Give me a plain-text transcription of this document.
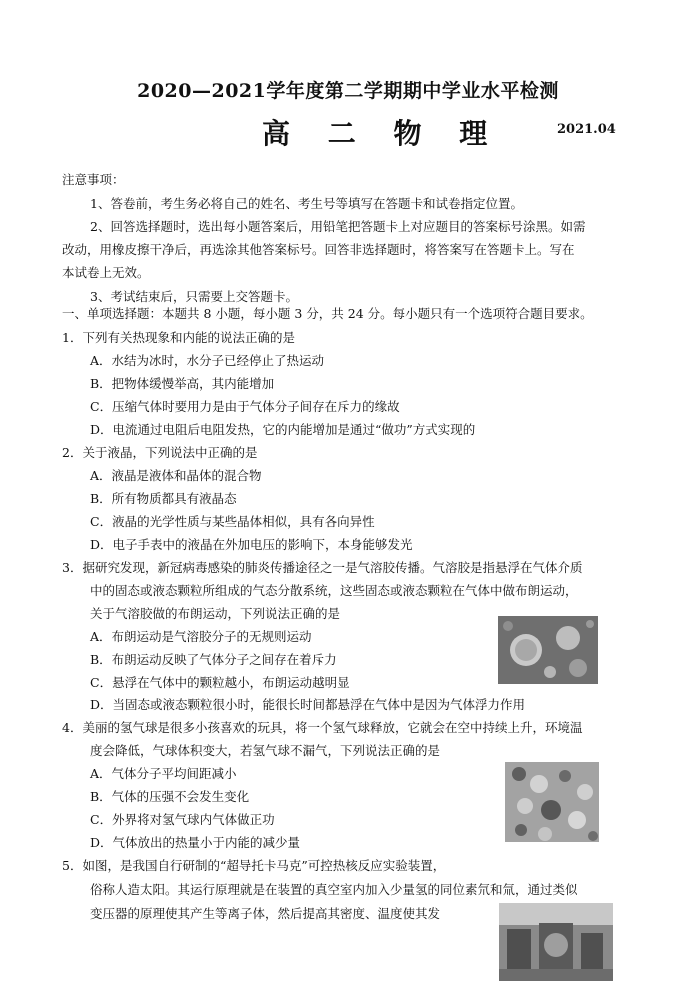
2020—2021学年度第二学期期中学业水平检测
高 二 物 理	2021.04
注意事项：
1、答卷前，考生务必将自己的姓名、考生号等填写在答题卡和试卷指定位置。
2、回答选择题时，选出每小题答案后，用铅笔把答题卡上对应题目的答案标号涂黑。如需
改动，用橡皮擦干净后，再选涂其他答案标号。回答非选择题时，将答案写在答题卡上。写在
本试卷上无效。
3、考试结束后，只需要上交答题卡。
一、单项选择题：本题共 8 小题，每小题 3 分，共 24 分。每小题只有一个选项符合题目要求。
1．下列有关热现象和内能的说法正确的是
A．水结为冰时，水分子已经停止了热运动
B．把物体缓慢举高，其内能增加
C．压缩气体时要用力是由于气体分子间存在斥力的缘故
D．电流通过电阻后电阻发热，它的内能增加是通过“做功”方式实现的
2．关于液晶，下列说法中正确的是
A．液晶是液体和晶体的混合物
B．所有物质都具有液晶态
C．液晶的光学性质与某些晶体相似，具有各向异性
D．电子手表中的液晶在外加电压的影响下，本身能够发光
3．据研究发现，新冠病毒感染的肺炎传播途径之一是气溶胶传播。气溶胶是指悬浮在气体介质
中的固态或液态颗粒所组成的气态分散系统，这些固态或液态颗粒在气体中做布朗运动，
关于气溶胶做的布朗运动，下列说法正确的是
A．布朗运动是气溶胶分子的无规则运动
B．布朗运动反映了气体分子之间存在着斥力
C．悬浮在气体中的颗粒越小，布朗运动越明显
D．当固态或液态颗粒很小时，能很长时间都悬浮在气体中是因为气体浮力作用
4．美丽的氢气球是很多小孩喜欢的玩具，将一个氢气球释放，它就会在空中持续上升，环境温
度会降低，气球体积变大，若氢气球不漏气，下列说法正确的是
A．气体分子平均间距减小
B．气体的压强不会发生变化
C．外界将对氢气球内气体做正功
D．气体放出的热量小于内能的减少量
5．如图，是我国自行研制的“超导托卡马克”可控热核反应实验装置，
俗称人造太阳。其运行原理就是在装置的真空室内加入少量氢的同位素氘和氚，通过类似
变压器的原理使其产生等离子体，然后提高其密度、温度使其发
